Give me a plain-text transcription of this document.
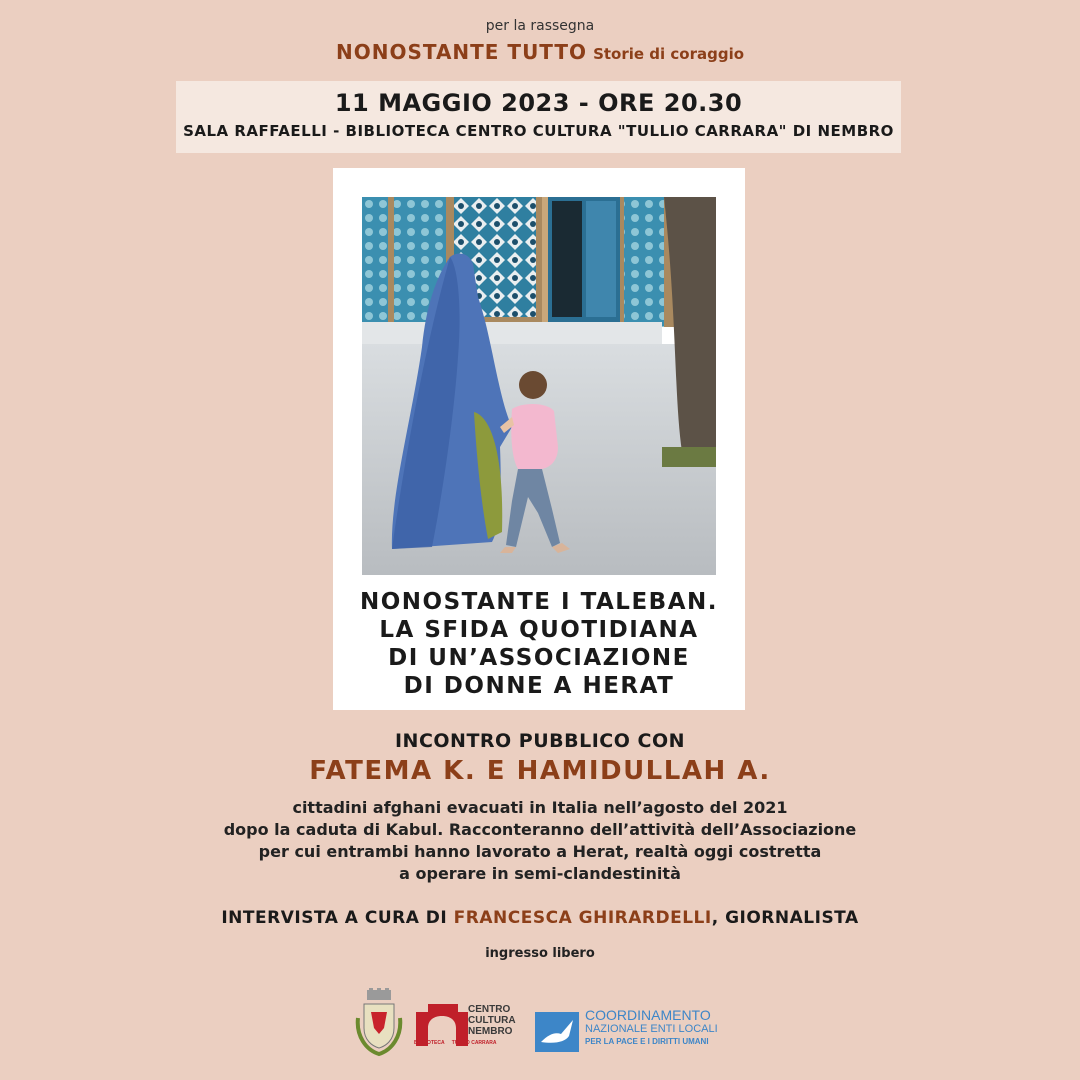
per la rassegna
NONOSTANTE TUTTO Storie di coraggio
11 MAGGIO 2023 - ORE 20.30
SALA RAFFAELLI - BIBLIOTECA CENTRO CULTURA "TULLIO CARRARA" DI NEMBRO
NONOSTANTE I TALEBAN.
LA SFIDA QUOTIDIANA
DI UN’ASSOCIAZIONE
DI DONNE A HERAT
INCONTRO PUBBLICO CON
FATEMA K. E HAMIDULLAH A.
cittadini afghani evacuati in Italia nell’agosto del 2021
dopo la caduta di Kabul. Racconteranno dell’attività dell’Associazione
per cui entrambi hanno lavorato a Herat, realtà oggi costretta
a operare in semi-clandestinità
INTERVISTA A CURA DI FRANCESCA GHIRARDELLI, GIORNALISTA
ingresso libero
CENTRO
CULTURA
NEMBRO
BIBLIOTECA TULLIO CARRARA
COORDINAMENTO
NAZIONALE ENTI LOCALI
PER LA PACE E I DIRITTI UMANI
